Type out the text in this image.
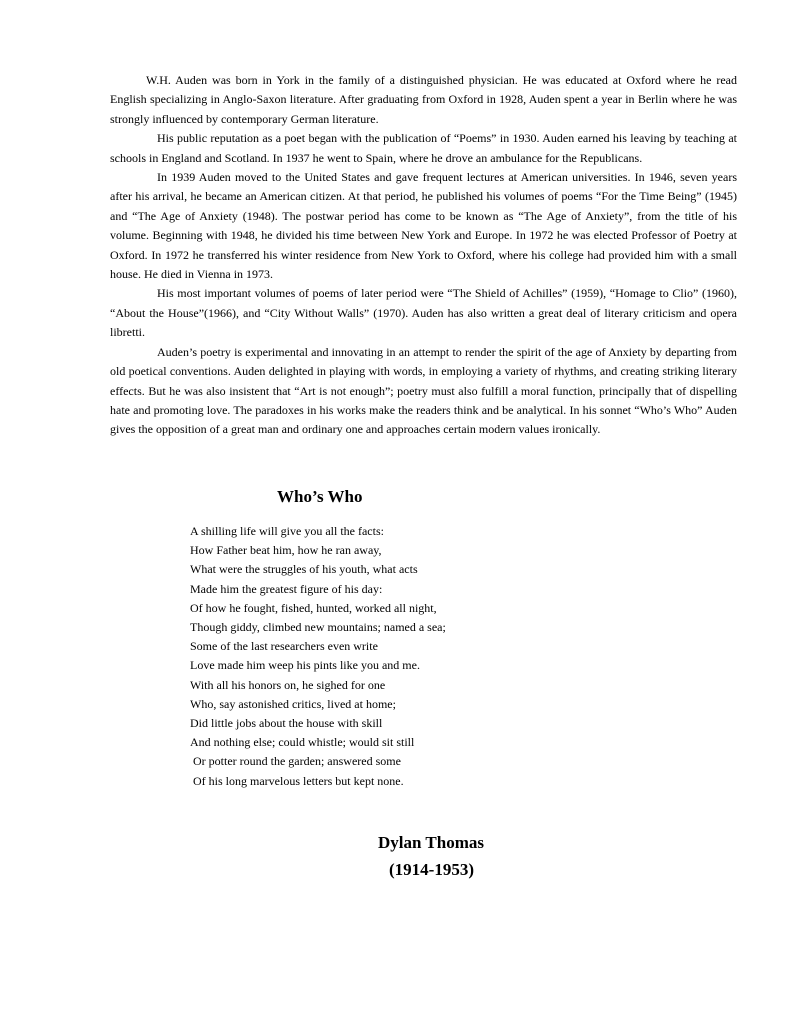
W.H. Auden was born in York in the family of a distinguished physician. He was educated at Oxford where he read English specializing in Anglo-Saxon literature. After graduating from Oxford in 1928, Auden spent a year in Berlin where he was strongly influenced by contemporary German literature.

His public reputation as a poet began with the publication of “Poems” in 1930. Auden earned his leaving by teaching at schools in England and Scotland. In 1937 he went to Spain, where he drove an ambulance for the Republicans.

In 1939 Auden moved to the United States and gave frequent lectures at American universities. In 1946, seven years after his arrival, he became an American citizen. At that period, he published his volumes of poems “For the Time Being” (1945) and “The Age of Anxiety (1948). The postwar period has come to be known as “The Age of Anxiety”, from the title of his volume. Beginning with 1948, he divided his time between New York and Europe. In 1972 he was elected Professor of Poetry at Oxford. In 1972 he transferred his winter residence from New York to Oxford, where his college had provided him with a small house. He died in Vienna in 1973.

His most important volumes of poems of later period were “The Shield of Achilles” (1959), “Homage to Clio” (1960), “About the House”(1966), and “City Without Walls” (1970). Auden has also written a great deal of literary criticism and opera libretti.

Auden’s poetry is experimental and innovating in an attempt to render the spirit of the age of Anxiety by departing from old poetical conventions. Auden delighted in playing with words, in employing a variety of rhythms, and creating striking literary effects. But he was also insistent that “Art is not enough”; poetry must also fulfill a moral function, principally that of dispelling hate and promoting love. The paradoxes in his works make the readers think and be analytical. In his sonnet “Who’s Who” Auden gives the opposition of a great man and ordinary one and approaches certain modern values ironically.

Who’s Who
A shilling life will give you all the facts:
How Father beat him, how he ran away,
What were the struggles of his youth, what acts
Made him the greatest figure of his day:
Of how he fought, fished, hunted, worked all night,
Though giddy, climbed new mountains; named a sea;
Some of the last researchers even write
Love made him weep his pints like you and me.
With all his honors on, he sighed for one
Who, say astonished critics, lived at home;
Did little jobs about the house with skill
And nothing else; could whistle; would sit still
Or potter round the garden; answered some
Of his long marvelous letters but kept none.
Dylan Thomas
(1914-1953)
